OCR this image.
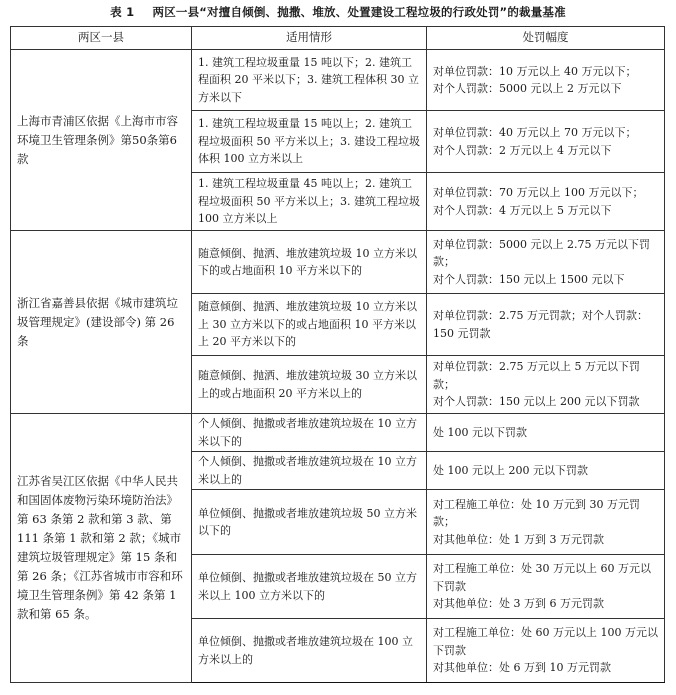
表 1 两区一县“对擅自倾倒、抛撒、堆放、处置建设工程垃圾的行政处罚”的裁量基准
两区一县	适用情形	处罚幅度
上海市青浦区依据《上海市市容环境卫生管理条例》第50条第6款	1. 建筑工程垃圾重量 15 吨以下；2. 建筑工程面积 20 平米以下；3. 建筑工程体积 30 立方米以下	对单位罚款：10 万元以上 40 万元以下；
对个人罚款：5000 元以上 2 万元以下

	1. 建筑工程垃圾重量 15 吨以上；2. 建筑工程垃圾面积 50 平方米以上；3. 建设工程垃圾体积 100 立方米以上	对单位罚款：40 万元以上 70 万元以下；
对个人罚款：2 万元以上 4 万元以下

	1. 建筑工程垃圾重量 45 吨以上；2. 建筑工程垃圾面积 50 平方米以上；3. 建筑工程垃圾 100 立方米以上	对单位罚款：70 万元以上 100 万元以下；
对个人罚款：4 万元以上 5 万元以下

浙江省嘉善县依据《城市建筑垃圾管理规定》(建设部令) 第 26 条	随意倾倒、抛洒、堆放建筑垃圾 10 立方米以下的或占地面积 10 平方米以下的	对单位罚款：5000 元以上 2.75 万元以下罚款；
对个人罚款：150 元以上 1500 元以下

	随意倾倒、抛洒、堆放建筑垃圾 10 立方米以上 30 立方米以下的或占地面积 10 平方米以上 20 平方米以下的	对单位罚款：2.75 万元罚款；对个人罚款：150 元罚款

	随意倾倒、抛洒、堆放建筑垃圾 30 立方米以上的或占地面积 20 平方米以上的	对单位罚款：2.75 万元以上 5 万元以下罚款；
对个人罚款：150 元以上 200 元以下罚款

江苏省吴江区依据《中华人民共和国固体废物污染环境防治法》第 63 条第 2 款和第 3 款、第 111 条第 1 款和第 2 款；《城市建筑垃圾管理规定》第 15 条和第 26 条；《江苏省城市市容和环境卫生管理条例》第 42 条第 1 款和第 65 条。	个人倾倒、抛撒或者堆放建筑垃圾在 10 立方米以下的	处 100 元以下罚款

	个人倾倒、抛撒或者堆放建筑垃圾在 10 立方米以上的	处 100 元以上 200 元以下罚款

	单位倾倒、抛撒或者堆放建筑垃圾 50 立方米以下的	对工程施工单位：处 10 万元到 30 万元罚款；
对其他单位：处 1 万到 3 万元罚款

	单位倾倒、抛撒或者堆放建筑垃圾在 50 立方米以上 100 立方米以下的	对工程施工单位：处 30 万元以上 60 万元以下罚款
对其他单位：处 3 万到 6 万元罚款

	单位倾倒、抛撒或者堆放建筑垃圾在 100 立方米以上的	对工程施工单位：处 60 万元以上 100 万元以下罚款
对其他单位：处 6 万到 10 万元罚款
